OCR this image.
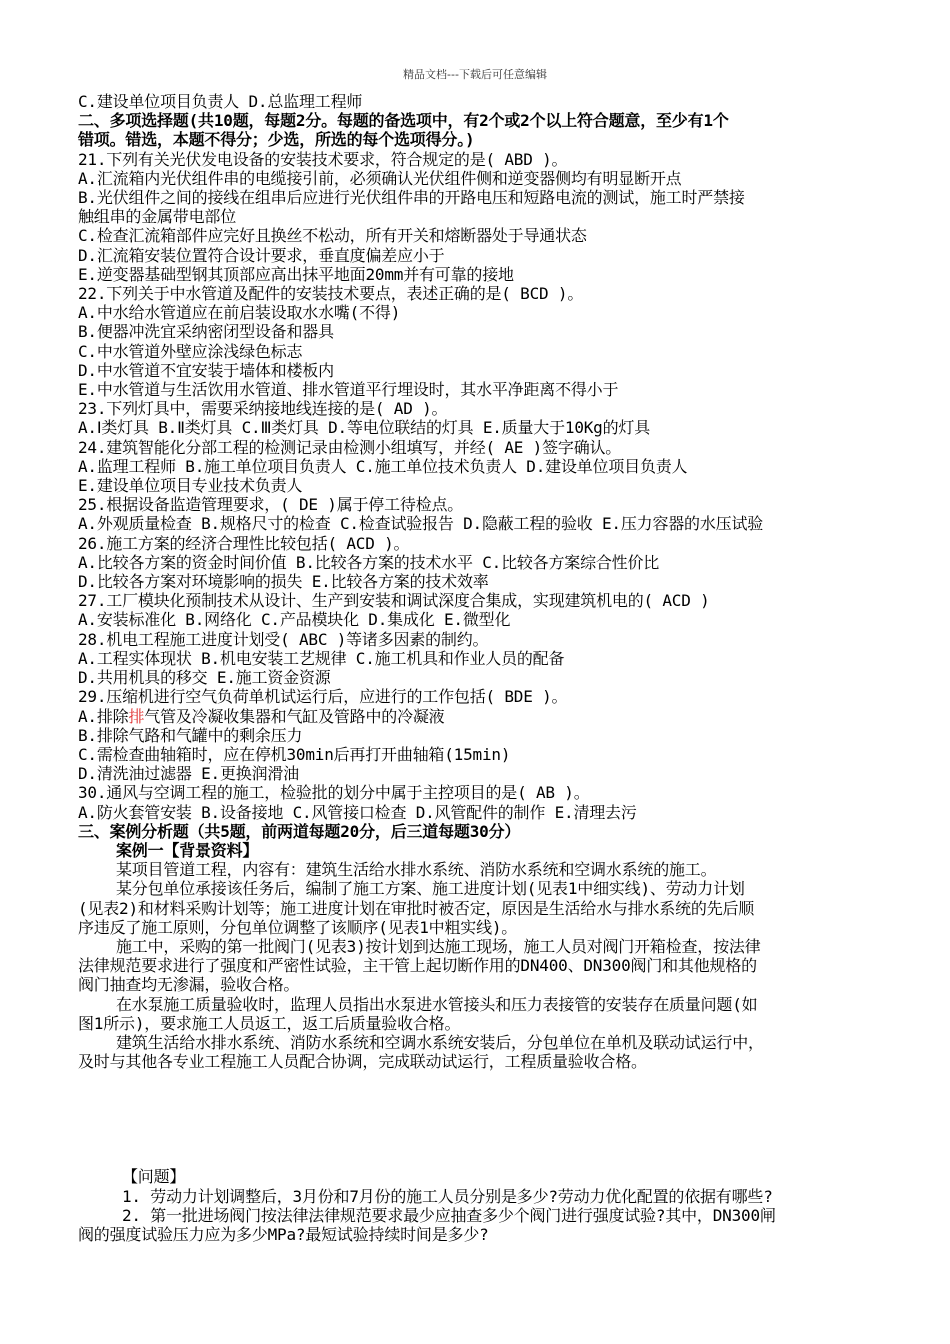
精品文档---下载后可任意编辑
C.建设单位项目负责人 D.总监理工程师
二、多项选择题(共10题，每题2分。每题的备选项中，有2个或2个以上符合题意，至少有1个
错项。错选，本题不得分；少选，所选的每个选项得分。)
21.下列有关光伏发电设备的安装技术要求，符合规定的是( ABD )。
A.汇流箱内光伏组件串的电缆接引前，必须确认光伏组件侧和逆变器侧均有明显断开点
B.光伏组件之间的接线在组串后应进行光伏组件串的开路电压和短路电流的测试，施工时严禁接
触组串的金属带电部位
C.检查汇流箱部件应完好且换丝不松动，所有开关和熔断器处于导通状态
D.汇流箱安装位置符合设计要求，垂直度偏差应小于
E.逆变器基础型钢其顶部应高出抹平地面20mm并有可靠的接地
22.下列关于中水管道及配件的安装技术要点，表述正确的是( BCD )。
A.中水给水管道应在前启装设取水水嘴(不得)
B.便器冲洗宜采纳密闭型设备和器具
C.中水管道外壁应涂浅绿色标志
D.中水管道不宜安装于墙体和楼板内
E.中水管道与生活饮用水管道、排水管道平行埋设时，其水平净距离不得小于
23.下列灯具中，需要采纳接地线连接的是( AD )。
A.Ⅰ类灯具 B.Ⅱ类灯具 C.Ⅲ类灯具 D.等电位联结的灯具 E.质量大于10Kg的灯具
24.建筑智能化分部工程的检测记录由检测小组填写，并经( AE )签字确认。
A.监理工程师 B.施工单位项目负责人 C.施工单位技术负责人 D.建设单位项目负责人
E.建设单位项目专业技术负责人
25.根据设备监造管理要求，( DE )属于停工待检点。
A.外观质量检查 B.规格尺寸的检查 C.检查试验报告 D.隐蔽工程的验收 E.压力容器的水压试验
26.施工方案的经济合理性比较包括( ACD )。
A.比较各方案的资金时间价值 B.比较各方案的技术水平 C.比较各方案综合性价比
D.比较各方案对环境影响的损失 E.比较各方案的技术效率
27.工厂模块化预制技术从设计、生产到安装和调试深度合集成，实现建筑机电的( ACD )
A.安装标准化 B.网络化 C.产品模块化 D.集成化 E.微型化
28.机电工程施工进度计划受( ABC )等诸多因素的制约。
A.工程实体现状 B.机电安装工艺规律 C.施工机具和作业人员的配备
D.共用机具的移交 E.施工资金资源
29.压缩机进行空气负荷单机试运行后，应进行的工作包括( BDE )。
A.排除排气管及冷凝收集器和气缸及管路中的冷凝液
B.排除气路和气罐中的剩余压力
C.需检查曲轴箱时，应在停机30min后再打开曲轴箱(15min)
D.清洗油过滤器 E.更换润滑油
30.通风与空调工程的施工，检验批的划分中属于主控项目的是( AB )。
A.防火套管安装 B.设备接地 C.风管接口检查 D.风管配件的制作 E.清理去污
三、案例分析题（共5题，前两道每题20分，后三道每题30分）
案例一【背景资料】
某项目管道工程，内容有：建筑生活给水排水系统、消防水系统和空调水系统的施工。
某分包单位承接该任务后，编制了施工方案、施工进度计划(见表1中细实线)、劳动力计划
(见表2)和材料采购计划等；施工进度计划在审批时被否定，原因是生活给水与排水系统的先后顺
序违反了施工原则，分包单位调整了该顺序(见表1中粗实线)。
施工中，采购的第一批阀门(见表3)按计划到达施工现场，施工人员对阀门开箱检查，按法律
法律规范要求进行了强度和严密性试验，主干管上起切断作用的DN400、DN300阀门和其他规格的
阀门抽查均无渗漏，验收合格。
在水泵施工质量验收时，监理人员指出水泵进水管接头和压力表接管的安装存在质量问题(如
图1所示)，要求施工人员返工，返工后质量验收合格。
建筑生活给水排水系统、消防水系统和空调水系统安装后，分包单位在单机及联动试运行中，
及时与其他各专业工程施工人员配合协调，完成联动试运行，工程质量验收合格。
【问题】
1. 劳动力计划调整后，3月份和7月份的施工人员分别是多少?劳动力优化配置的依据有哪些?
2. 第一批进场阀门按法律法律规范要求最少应抽查多少个阀门进行强度试验?其中，DN300闸
阀的强度试验压力应为多少MPa?最短试验持续时间是多少?
